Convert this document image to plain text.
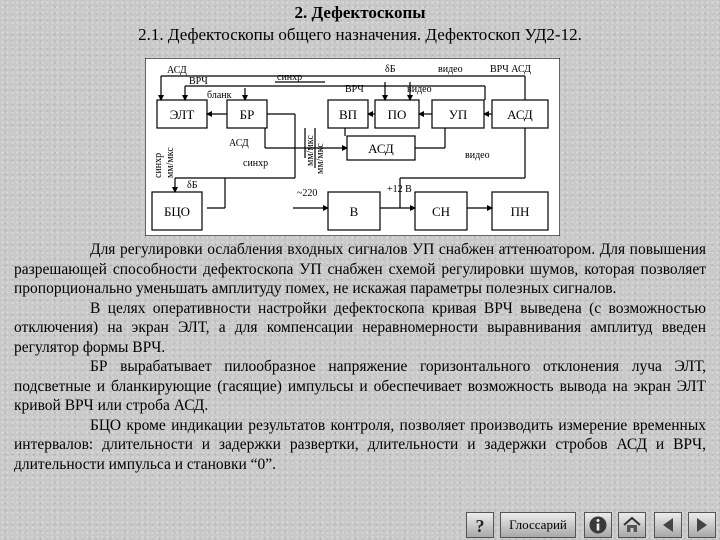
2. Дефектоскопы
2.1. Дефектоскопы общего назначения. Дефектоскоп УД2-12.
ЭЛТ	БР	ВП ПО	УП	АСД
АСД
БЦО	В	СН	ПН
АСД
ВРЧ
бланк
синхр
ВРЧ
δБ	видео	ВРЧ АСД
видео
АСД
синхр
видео
δБ
~220	+12 В
синхр мм/мкс	мм/мкс мм/мкс

Для регулировки ослабления входных сигналов УП снабжен аттенюатором. Для повышения разрешающей способности дефектоскопа УП снабжен схемой регулировки шумов, которая позволяет пропорционально уменьшать амплитуду помех, не искажая параметры полезных сигналов.

В целях оперативности настройки дефектоскопа кривая ВРЧ выведена (с возможностью отключения) на экран ЭЛТ, а для компенсации неравномерности выравнивания амплитуд введен регулятор формы ВРЧ.

БР вырабатывает пилообразное напряжение горизонтального отклонения луча ЭЛТ, подсветные и бланкирующие (гасящие) импульсы и обеспечивает возможность вывода на экран ЭЛТ кривой ВРЧ или строба АСД.

БЦО кроме индикации результатов контроля, позволяет производить измерение временных интервалов: длительности и задержки развертки, длительности и задержки стробов АСД и ВРЧ, длительности импульса и становки “0”.

? Глоссарий
